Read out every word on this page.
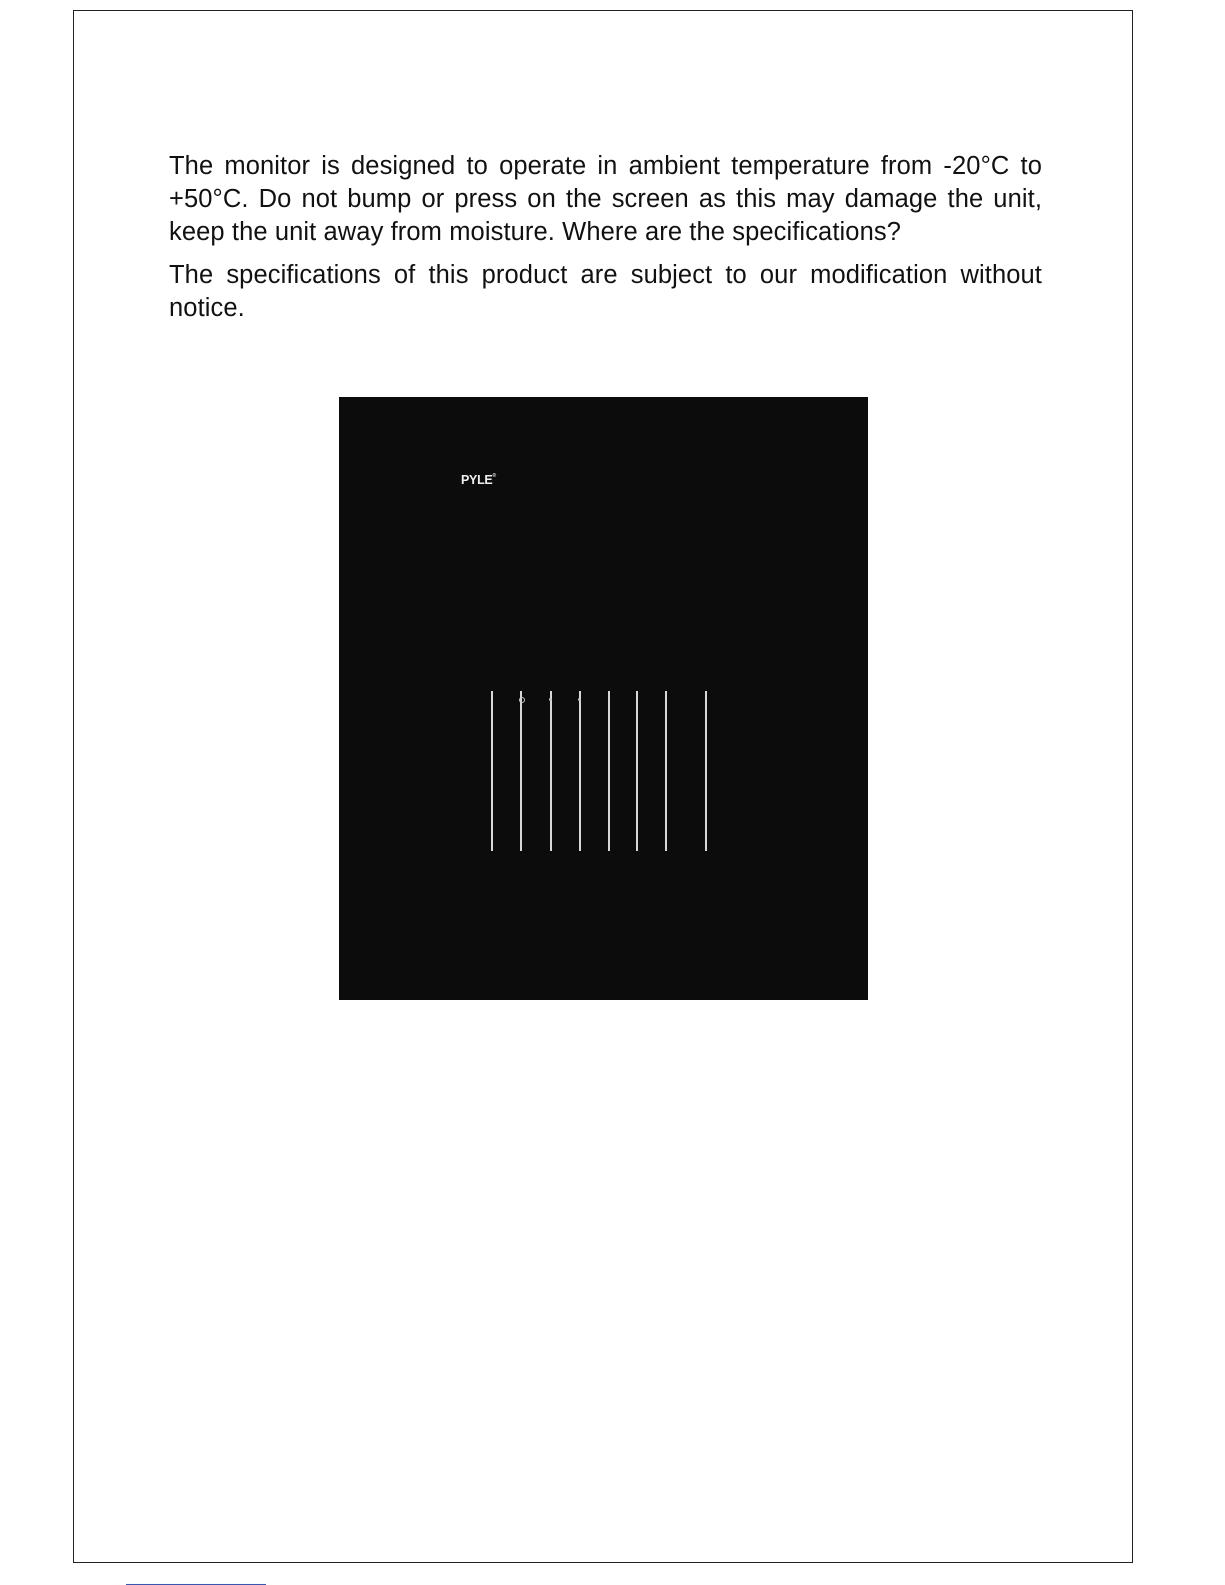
The monitor is designed to operate in ambient temperature from -20°C to +50°C. Do not bump or press on the screen as this may damage the unit, keep the unit away from moisture. Where are the specifications?

The specifications of this product are subject to our modification without notice.

PYLE®
